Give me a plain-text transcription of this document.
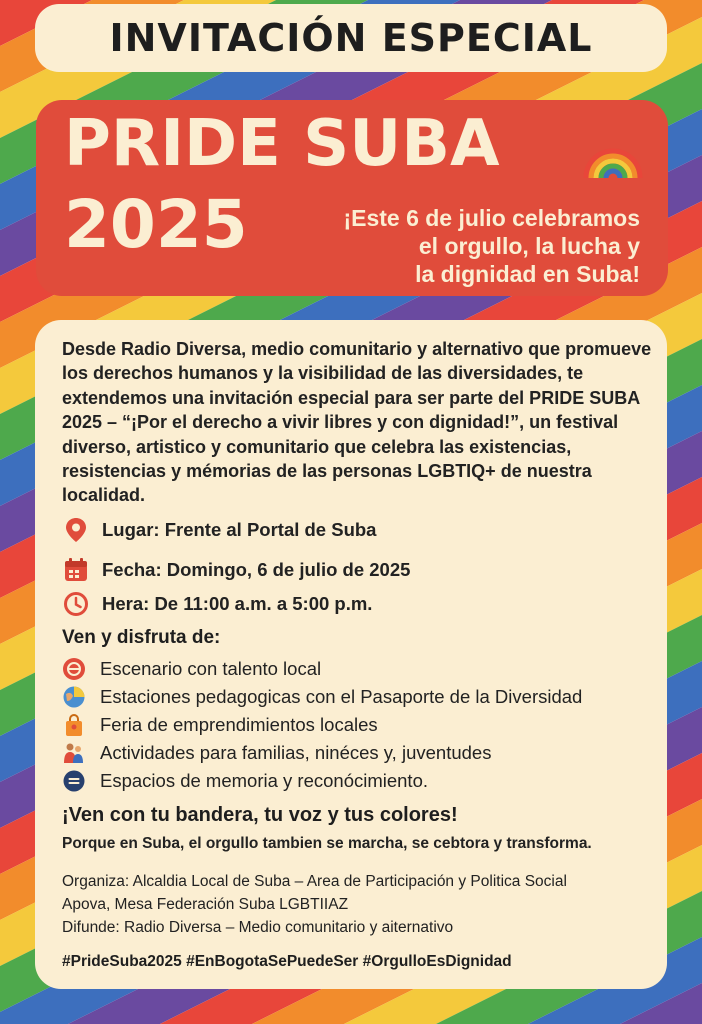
INVITACIÓN ESPECIAL

PRIDE SUBA

2025	¡Este 6 de julio celebramos
el orgullo, la lucha y
la dignidad en Suba!

Desde Radio Diversa, medio comunitario y alternativo que promueve los derechos humanos y la visibilidad de las diversidades, te extendemos una invitación especial para ser parte del PRIDE SUBA 2025 – “¡Por el derecho a vivir libres y con dignidad!”, un festival diverso, artistico y comunitario que celebra las existencias, resistencias y mémorias de las personas LGBTIQ+ de nuestra localidad.

Lugar: Frente al Portal de Suba
Fecha: Domingo, 6 de julio de 2025
Hera: De 11:00 a.m. a 5:00 p.m.

Ven y disfruta de:

Escenario con talento local
Estaciones pedagogicas con el Pasaporte de la Diversidad
Feria de emprendimientos locales
Actividades para familias, ninéces y, juventudes
Espacios de memoria y reconócimiento.

¡Ven con tu bandera, tu voz y tus colores!

Porque en Suba, el orgullo tambien se marcha, se cebtora y transforma.

Organiza: Alcaldia Local de Suba – Area de Participación y Politica Social

Apova, Mesa Federación Suba LGBTIIAZ

Difunde: Radio Diversa – Medio comunitario y aiternativo

#PrideSuba2025 #EnBogotaSePuedeSer #OrgulloEsDignidad
